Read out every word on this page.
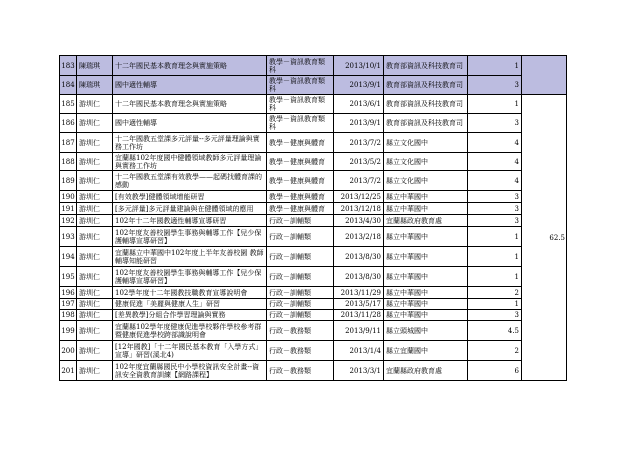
183	陳瑞琪	十二年國民基本教育理念與實施策略	教學－資訊教育類科	2013/10/1	教育部資訊及科技教育司	1	
184	陳瑞琪	國中適性輔導	教學－資訊教育類科	2013/9/1	教育部資訊及科技教育司	3	
185	游圳仁	十二年國民基本教育理念與實施策略	教學－資訊教育類科	2013/6/1	教育部資訊及科技教育司	1	62.5
186	游圳仁	國中適性輔導	教學－資訊教育類科	2013/9/1	教育部資訊及科技教育司	3	
187	游圳仁	十二年國教五堂課多元評量--多元評量理論與實務工作坊	教學－健康與體育	2013/7/2	縣立文化國中	4	
188	游圳仁	宜蘭縣102年度國中健體領域教師多元評量理論與實務工作坊	教學－健康與體育	2013/5/2	縣立文化國中	4	
189	游圳仁	十二年國教五堂課有效教學——起碼找體育課的感動	教學－健康與體育	2013/7/2	縣立文化國中	4	
190	游圳仁	[有效教學]健體領域增能研習	教學－健康與體育	2013/12/25	縣立中華國中	3	
191	游圳仁	[多元評量]多元評量建論與在健體領域的應用	教學－健康與體育	2013/12/18	縣立中華國中	3	
192	游圳仁	102年十二年國教適性輔導宣導研習	行政－訓輔類	2013/4/30	宜蘭縣政府教育處	3	
193	游圳仁	102年度友善校園學生事務與輔導工作【兒少保護輔導宣導研習】	行政－訓輔類	2013/2/18	縣立中華國中	1	
194	游圳仁	宜蘭縣立中華國中102年度上半年友善校園 教師輔導知能研習	行政－訓輔類	2013/8/30	縣立中華國中	1	
195	游圳仁	102年度友善校園學生事務與輔導工作【兒少保護輔導宣導研習】	行政－訓輔類	2013/8/30	縣立中華國中	1	
196	游圳仁	102學年度十二年國教技職教育宣導說明會	行政－訓輔類	2013/11/29	縣立中華國中	2	
197	游圳仁	健康促進「美麗與健康人生」研習	行政－訓輔類	2013/5/17	縣立中華國中	1	
198	游圳仁	[差異教學]分組合作學習理論與實務	行政－訓輔類	2013/11/28	縣立中華國中	3	
199	游圳仁	宜蘭縣102學年度健康促進學校夥伴學校參考群暨健康促進學校跨部識說明會	行政－教務類	2013/9/11	縣立頭城國中	4.5	
200	游圳仁	[12年國教]「十二年國民基本教育「入學方式」宣導」研習(溪北4)	行政－教務類	2013/1/4	縣立宜蘭國中	2	
201	游圳仁	102年度宜蘭縣國民中小學校資訊安全計畫--資訊安全資教育訓練【網路課程】	行政－教務類	2013/3/1	宜蘭縣政府教育處	6	
